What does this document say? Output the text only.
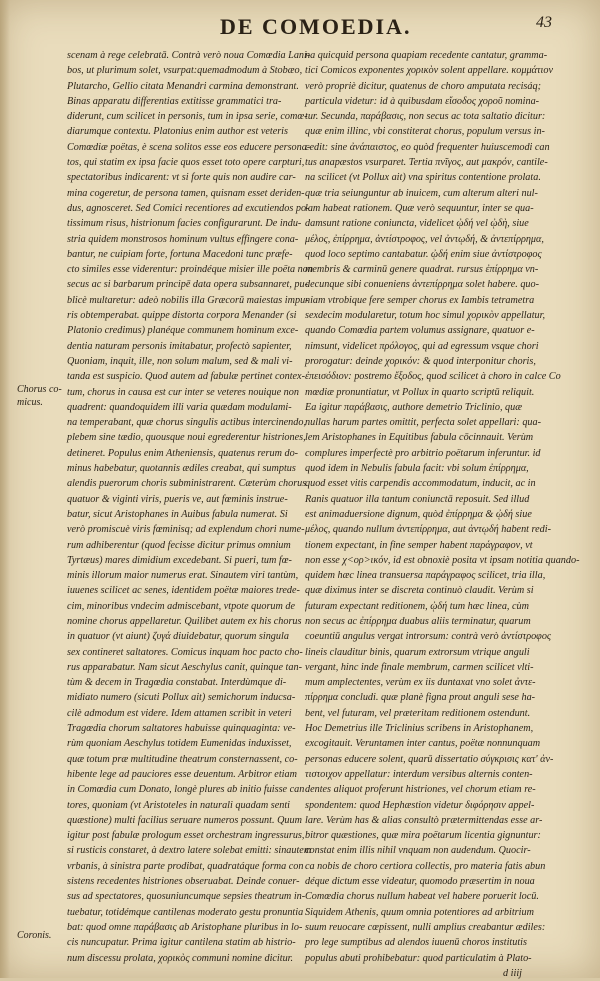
DE COMOEDIA.	43
Chorus co-
micus.
Coronis.
scenam à rege celebratā. Contrà verò noua Comœdia Lani-
bos, ut plurimum solet, vsurpat:quemadmodum à Stobæo,
Plutarcho, Gellio citata Menandri carmina demonstrant.
Binas apparatu differentias extitisse grammatici tra-
diderunt, cum scilicet in personis, tum in ipsa serie, comœ-
diarumque contextu. Platonius enim author est veteris
Comœdiæ poëtas, è scena solitos esse eos educere persona-
tos, qui statim ex ipsa facie quos esset toto opere carpturi,
spectatoribus indicarent: vt si forte quis non audire car-
mina cogeretur, de persona tamen, quisnam esset deriden-
dus, agnosceret. Sed Comici recentiores ad excutiendos po-
tissimum risus, histrionum facies configurarunt. De indu-
stria quidem monstrosos hominum vultus effingere cona-
bantur, ne cuipiam forte, fortuna Macedoni tunc præfe-
cto similes esse viderentur: proindéque misier ille poëta non
secus ac si barbarum principē data opera subsannaret, pu-
blicè multaretur: adeò nobilis illa Græcorū maiestas impu-
ris obtemperabat. quippe distorta corpora Menander (si
Platonio credimus) planéque communem hominum exce-
dentia naturam personis imitabatur, profectò sapienter,
Quoniam, inquit, ille, non solum malum, sed & mali vi-
tanda est suspicio. Quod autem ad fabulæ pertinet contex-
tum, chorus in causa est cur inter se veteres nouique non
quadrent: quandoquidem illi varia quædam modulami-
na temperabant, quæ chorus singulis actibus intercinendo,
plebem sine tædio, quousque noui egrederentur histriones,
detineret. Populus enim Atheniensis, quatenus rerum do-
minus habebatur, quotannis ædiles creabat, qui sumptus
alendis puerorum choris subministrarent. Cæterùm chorus
quatuor & viginti viris, pueris ve, aut fœminis instrue-
batur, sicut Aristophanes in Auibus fabula numerat. Si
verò promiscuè viris fœminisq; ad explendum chori nume-
rum adhiberentur (quod fecisse dicitur primus omnium
Tyrtæus) mares dimidium excedebant. Si pueri, tum fœ-
minis illorum maior numerus erat. Sinautem viri tantùm,
iuuenes scilicet ac senes, identidem poëtæ maiores trede-
cim, minoribus vndecim admiscebant, vtpote quorum de
nomine chorus appellaretur. Quilibet autem ex his chorus
in quatuor (vt aiunt) ζυγά diuidebatur, quorum singula
sex contineret saltatores. Comicus inquam hoc pacto cho-
rus apparabatur. Nam sicut Aeschylus canit, quinque tan-
tùm & decem in Tragœdia constabat. Interdùmque di-
midiato numero (sicuti Pollux ait) semichorum inducsa-
cilè admodum est videre. Idem attamen scribit in veteri
Tragœdia chorum saltatores habuisse quinquaginta: ve-
rùm quoniam Aeschylus totidem Eumenidas induxisset,
quæ totum præ multitudine theatrum consternassent, co-
hibente lege ad pauciores esse deuentum. Arbitror etiam
in Comœdia cum Donato, longè plures ab initio fuisse can
tores, quoniam (vt Aristoteles in naturali quadam senti
quæstione) multi facilius seruare numeros possunt. Quum
igitur post fabulæ prologum esset orchestram ingressurus,
si rusticis constaret, à dextro latere solebat emitti: sinautem
vrbanis, à sinistra parte prodibat, quadratáque forma con
sistens recedentes histriones obseruabat. Deinde conuer-
sus ad spectatores, quosuniuncumque sepsies theatrum in-
tuebatur, totidémque cantilenas moderato gestu pronuntia
bat: quod omne παράβασις ab Aristophane pluribus in lo-
cis nuncupatur. Prima igitur cantilena statim ab histrio-
num discessu prolata, χορικὸς communi nomine dicitur.
na quicquid persona quapiam recedente cantatur, gramma-
tici Comicos exponentes χορικὸν solent appellare. κομμάτιον
verò propriè dicitur, quatenus de choro amputata recisáq;
particula videtur: id à quibusdam εἴσοδος χοροῦ nomina-
tur. Secunda, παράβασις, non secus ac tota saltatio dicitur:
quæ enim illinc, vbi constiterat chorus, populum versus in-
cedit: sine ἀνάπαιστος, eo quòd frequenter huiuscemodi can
tus anapæstos vsurparet. Tertia πνῖγος, aut μακρόν, cantile-
na scilicet (vt Pollux ait) vna spiritus contentione prolata.
quæ tria seiunguntur ab inuicem, cum alterum alteri nul-
lam habeat rationem. Quæ verò sequuntur, inter se qua-
damsunt ratione coniuncta, videlicet ᾠδή vel ᾠδὴ, siue
μέλος, ἐπίρρημα, ἀντίστροφος, vel ἀντῳδή, & ἀντεπίρρημα,
quod loco septimo cantabatur. ᾠδή enim siue ἀντίστροφος
membris & carminū genere quadrat. rursus ἐπίρρημα vn-
decunque sibi conueniens ἀντεπίρρημα solet habere. quo-
niam vtrobique fere semper chorus ex Iambis tetrametra
sexdecim modularetur, totum hoc simul χορικὸν appellatur,
quando Comœdia partem volumus assignare, quatuor e-
nimsunt, videlicet πρόλογος, qui ad egressum vsque chori
prorogatur: deinde χορικόν: & quod interponitur choris,
ἐπεισόδιον: postremo ἔξοδος, quod scilicet à choro in calce Co
mœdiæ pronuntiatur, vt Pollux in quarto scriptū reliquit.
Ea igitur παράβασις, authore demetrio Triclinio, quæ
nullas harum partes omittit, perfecta solet appellari: qua-
lem Aristophanes in Equitibus fabula cōcinnauit. Verùm
complures imperfectè pro arbitrio poëtarum inferuntur. id
quod idem in Nebulis fabula facit: vbi solum ἐπίρρημα,
quod esset vitis carpendis accommodatum, inducit, ac in
Ranis quatuor illa tantum coniunctā reposuit. Sed illud
est animaduersione dignum, quòd ἐπίρρημα & ᾠδή siue
μέλος, quando nullum ἀντεπίρρημα, aut ἀντῳδή habent redi-
tionem expectant, in fine semper habent παράγραφον, vt
non esse χ<ορ>ικόν, id est obnoxiè posita vt ipsam notitia quando-
quidem hæc linea transuersa παράγραφος scilicet, tria illa,
quæ diximus inter se discreta continuò claudit. Verùm si
futuram expectant reditionem, ᾠδή tum hæc linea, cùm
non secus ac ἐπίρρημα duabus aliis terminatur, quarum
coeuntiū angulus vergat introrsum: contrà verò ἀντίστροφος
lineis clauditur binis, quarum extrorsum vtrique anguli
vergant, hinc inde finale membrum, carmen scilicet vlti-
mum amplectentes, verùm ex iis duntaxat vno solet ἀντε-
πίρρημα concludi. quæ planè figna prout anguli sese ha-
bent, vel futuram, vel præteritam reditionem ostendunt.
Hoc Demetrius ille Triclinius scribens in Aristophanem,
excogitauit. Veruntamen inter cantus, poëtæ nonnunquam
personas educere solent, quarū dissertatio σύγκρισις κατ' ἀν-
τιστοιχον appellatur: interdum versibus alternis conten-
dentes aliquot proferunt histriones, vel chorum etiam re-
spondentem: quod Hephæstion videtur διφόρησιν appel-
lare. Verùm has & alias consultò prætermittendas esse ar-
bitror quæstiones, quæ mira poëtarum licentia gignuntur:
constat enim illis nihil vnquam non audendum. Quocir-
ca nobis de choro certiora collectis, pro materia fatis abun
déque dictum esse videatur, quomodo præsertim in noua
Comœdia chorus nullum habeat vel habere poruerit locū.
Siquidem Athenis, quum omnia potentiores ad arbitrium
suum reuocare cœpissent, nulli amplius creabantur ædiles:
pro lege sumptibus ad alendos iuuenū choros institutis
populus abuti prohibebatur: quod particulatim à Plato-
d iiij
